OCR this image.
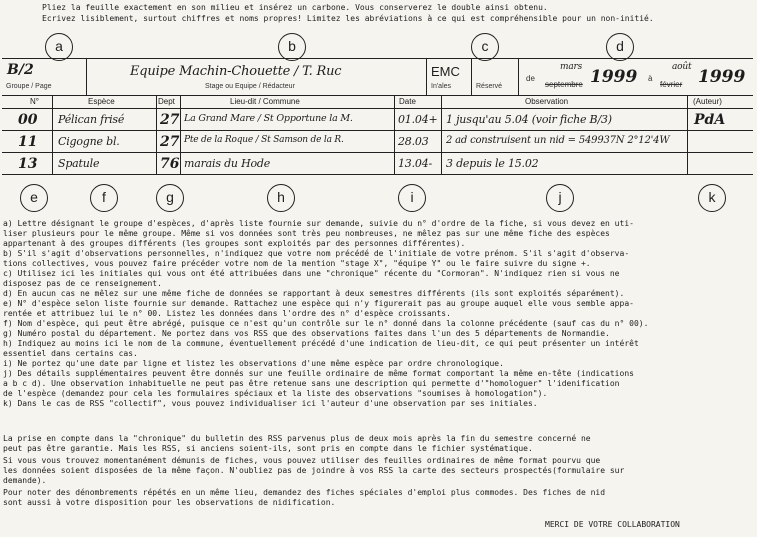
Pliez la feuille exactement en son milieu et insérez un carbone. Vous conserverez le double ainsi obtenu.
Ecrivez lisiblement, surtout chiffres et noms propres! Limitez les abréviations à ce qui est compréhensible pour un non-initié.
a	b	c	d
B/2
Groupe / Page
Equipe Machin-Chouette / T. Ruc
Stage ou Equipe / Rédacteur
EMC
In'ales	Réservé
de
mars
septembre 1999 à
août
février 1999
N°	Espèce	Dept	Lieu-dit / Commune	Date	Observation	(Auteur)
00 Pélican frisé	27 La Grand Mare / St Opportune la M.	01.04+ 1 jusqu'au 5.04 (voir fiche B/3)	PdA
11 Cigogne bl.	27 Pte de la Roque / St Samson de la R.	28.03 2 ad construisent un nid = 549937N 2°12'4W
13 Spatule	76 marais du Hode	13.04- 3 depuis le 15.02
e	f	g	h	i	j	k
a) Lettre désignant le groupe d'espèces, d'après liste fournie sur demande, suivie du n° d'ordre de la fiche, si vous devez en uti-
liser plusieurs pour le même groupe. Même si vos données sont très peu nombreuses, ne mêlez pas sur une même fiche des espèces
appartenant à des groupes différents (les groupes sont exploités par des personnes différentes).
b) S'il s'agit d'observations personnelles, n'indiquez que votre nom précédé de l'initiale de votre prénom. S'il s'agit d'observa-
tions collectives, vous pouvez faire précéder votre nom de la mention "stage X", "équipe Y" ou le faire suivre du signe +.
c) Utilisez ici les initiales qui vous ont été attribuées dans une "chronique" récente du "Cormoran". N'indiquez rien si vous ne
disposez pas de ce renseignement.
d) En aucun cas ne mêlez sur une même fiche de données se rapportant à deux semestres différents (ils sont exploités séparément).
e) N° d'espèce selon liste fournie sur demande. Rattachez une espèce qui n'y figurerait pas au groupe auquel elle vous semble appa-
rentée et attribuez lui le n° 00. Listez les données dans l'ordre des n° d'espèce croissants.
f) Nom d'espèce, qui peut être abrégé, puisque ce n'est qu'un contrôle sur le n° donné dans la colonne précédente (sauf cas du n° 00).
g) Numéro postal du département. Ne portez dans vos RSS que des observations faites dans l'un des 5 départements de Normandie.
h) Indiquez au moins ici le nom de la commune, éventuellement précédé d'une indication de lieu-dit, ce qui peut présenter un intérêt
essentiel dans certains cas.
i) Ne portez qu'une date par ligne et listez les observations d'une même espèce par ordre chronologique.
j) Des détails supplémentaires peuvent être donnés sur une feuille ordinaire de même format comportant la même en-tête (indications
a b c d). Une observation inhabituelle ne peut pas être retenue sans une description qui permette d'"homologuer" l'idenification
de l'espèce (demandez pour cela les formulaires spéciaux et la liste des observations "soumises à homologation").
k) Dans le cas de RSS "collectif", vous pouvez individualiser ici l'auteur d'une observation par ses initiales.
La prise en compte dans la "chronique" du bulletin des RSS parvenus plus de deux mois après la fin du semestre concerné ne
peut pas être garantie. Mais les RSS, si anciens soient-ils, sont pris en compte dans le fichier systématique.
Si vous vous trouvez momentanément démunis de fiches, vous pouvez utiliser des feuilles ordinaires de même format pourvu que
les données soient disposées de la même façon. N'oubliez pas de joindre à vos RSS la carte des secteurs prospectés(formulaire sur
demande).
Pour noter des dénombrements répétés en un même lieu, demandez des fiches spéciales d'emploi plus commodes. Des fiches de nid
sont aussi à votre disposition pour les observations de nidification.
MERCI DE VOTRE COLLABORATION
